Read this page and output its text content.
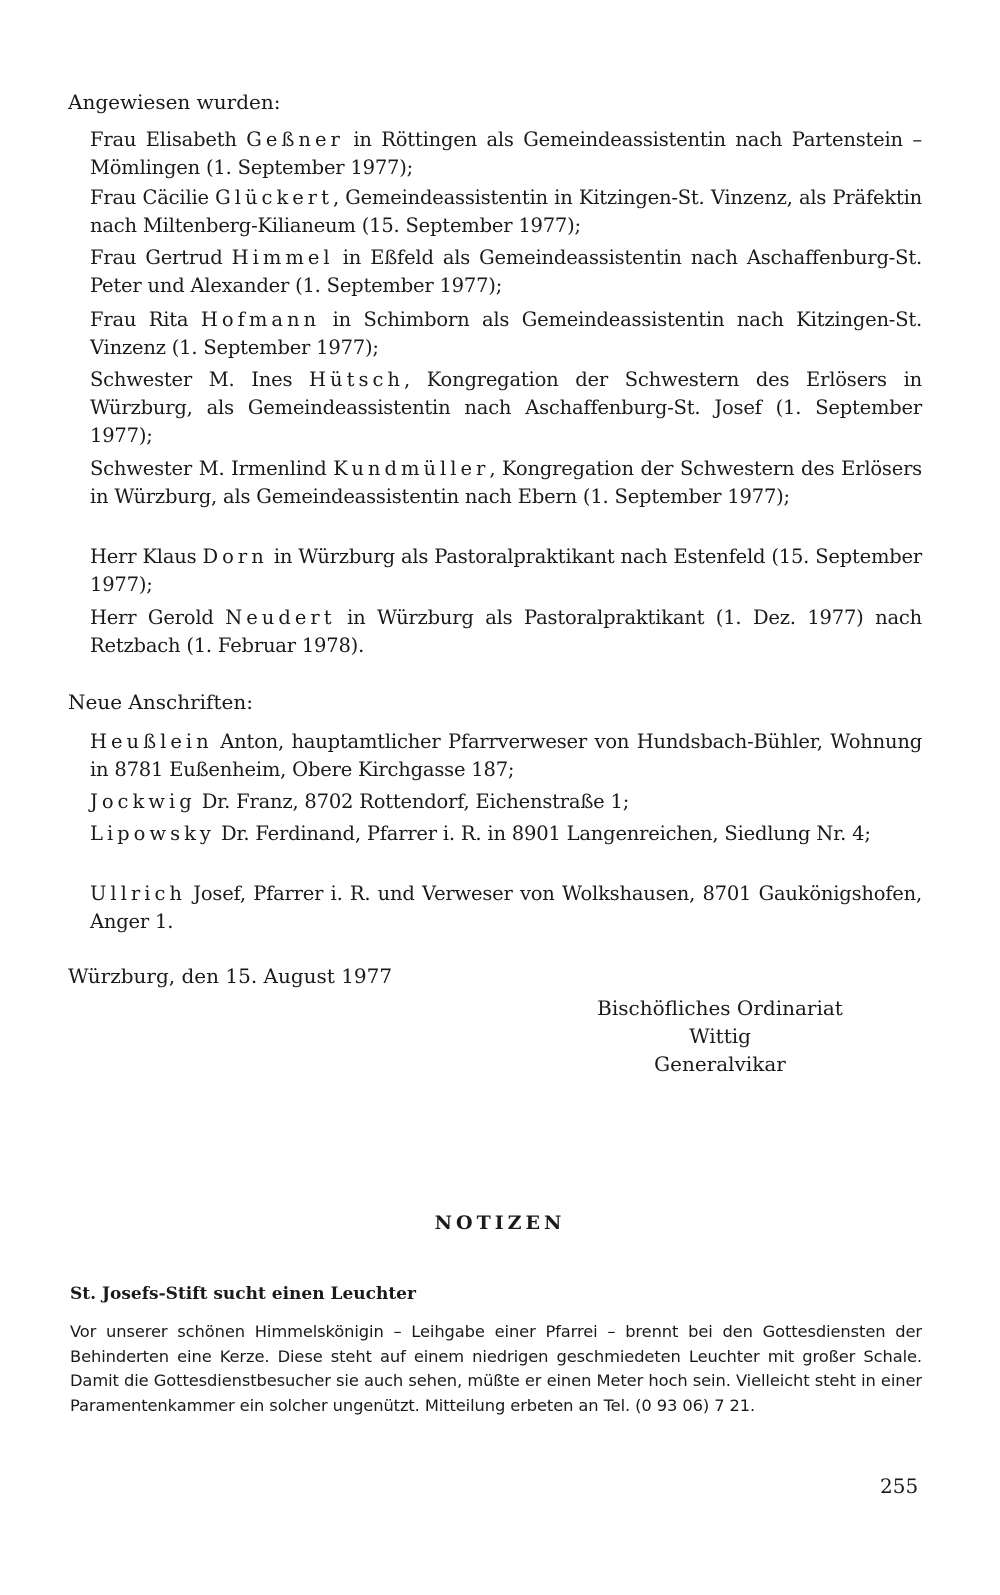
Angewiesen wurden:
Frau Elisabeth Geßner in Röttingen als Gemeindeassistentin nach Partenstein – Mömlingen (1. September 1977);
Frau Cäcilie Glückert, Gemeindeassistentin in Kitzingen-St. Vinzenz, als Präfektin nach Miltenberg-Kilianeum (15. September 1977);
Frau Gertrud Himmel in Eßfeld als Gemeindeassistentin nach Aschaffenburg-St. Peter und Alexander (1. September 1977);
Frau Rita Hofmann in Schimborn als Gemeindeassistentin nach Kitzingen-St. Vinzenz (1. September 1977);
Schwester M. Ines Hütsch, Kongregation der Schwestern des Erlösers in Würzburg, als Gemeindeassistentin nach Aschaffenburg-St. Josef (1. September 1977);
Schwester M. Irmenlind Kundmüller, Kongregation der Schwestern des Erlösers in Würzburg, als Gemeindeassistentin nach Ebern (1. September 1977);
Herr Klaus Dorn in Würzburg als Pastoralpraktikant nach Estenfeld (15. September 1977);
Herr Gerold Neudert in Würzburg als Pastoralpraktikant (1. Dez. 1977) nach Retzbach (1. Februar 1978).
Neue Anschriften:
Heußlein Anton, hauptamtlicher Pfarrverweser von Hundsbach-Bühler, Wohnung in 8781 Eußenheim, Obere Kirchgasse 187;
Jockwig Dr. Franz, 8702 Rottendorf, Eichenstraße 1;
Lipowsky Dr. Ferdinand, Pfarrer i. R. in 8901 Langenreichen, Siedlung Nr. 4;
Ullrich Josef, Pfarrer i. R. und Verweser von Wolkshausen, 8701 Gaukönigshofen, Anger 1.
Würzburg, den 15. August 1977
Bischöfliches Ordinariat
Wittig
Generalvikar
NOTIZEN
St. Josefs-Stift sucht einen Leuchter
Vor unserer schönen Himmelskönigin – Leihgabe einer Pfarrei – brennt bei den Gottesdiensten der Behinderten eine Kerze. Diese steht auf einem niedrigen geschmiedeten Leuchter mit großer Schale. Damit die Gottesdienstbesucher sie auch sehen, müßte er einen Meter hoch sein. Vielleicht steht in einer Paramentenkammer ein solcher ungenützt. Mitteilung erbeten an Tel. (0 93 06) 7 21.
255
